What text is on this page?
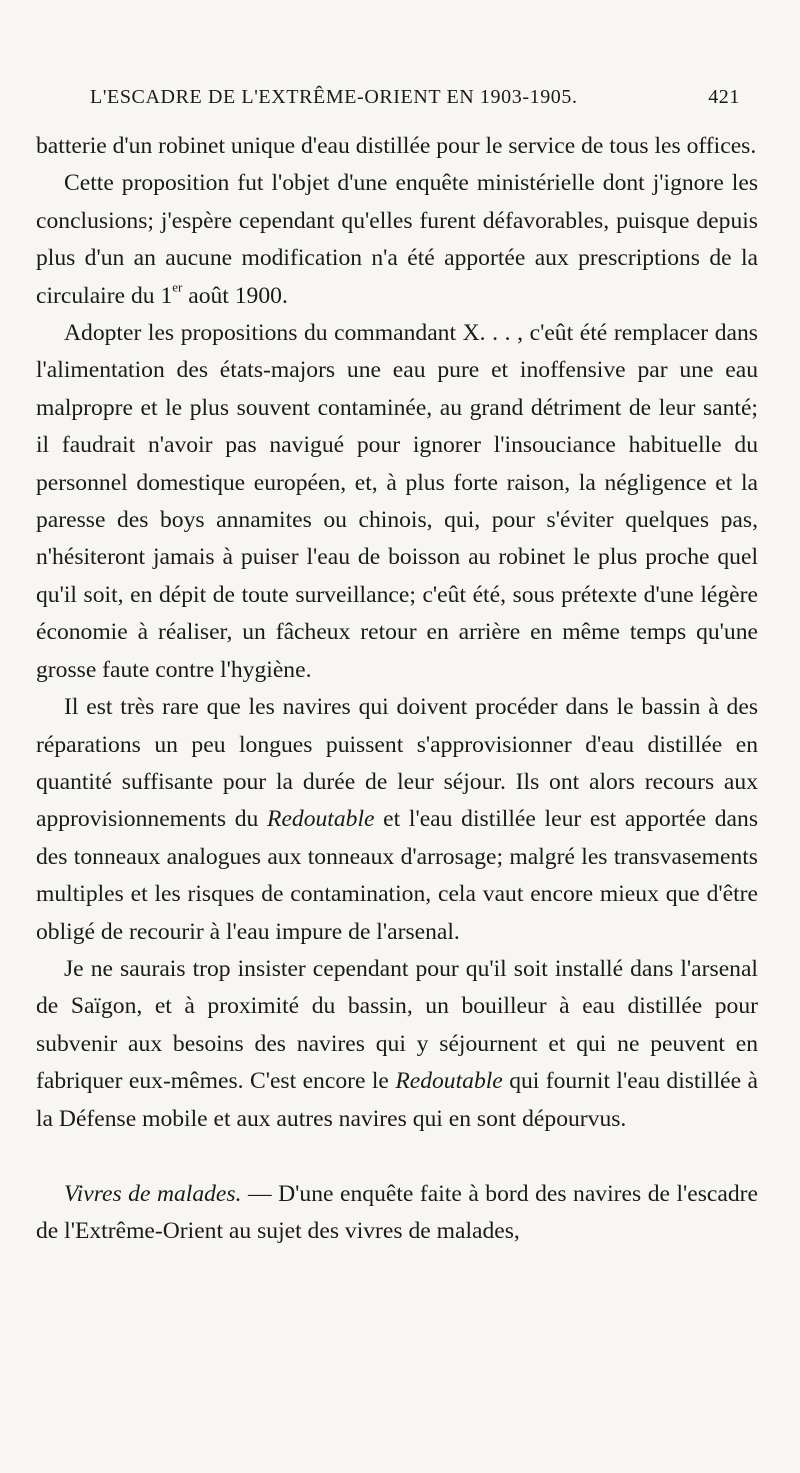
L'ESCADRE DE L'EXTRÊME-ORIENT EN 1903-1905.	421

batterie d'un robinet unique d'eau distillée pour le service de tous les offices.

Cette proposition fut l'objet d'une enquête ministérielle dont j'ignore les conclusions; j'espère cependant qu'elles furent défavorables, puisque depuis plus d'un an aucune modification n'a été apportée aux prescriptions de la circulaire du 1er août 1900.

Adopter les propositions du commandant X. . . , c'eût été remplacer dans l'alimentation des états-majors une eau pure et inoffensive par une eau malpropre et le plus souvent contaminée, au grand détriment de leur santé; il faudrait n'avoir pas navigué pour ignorer l'insouciance habituelle du personnel domestique européen, et, à plus forte raison, la négligence et la paresse des boys annamites ou chinois, qui, pour s'éviter quelques pas, n'hésiteront jamais à puiser l'eau de boisson au robinet le plus proche quel qu'il soit, en dépit de toute surveillance; c'eût été, sous prétexte d'une légère économie à réaliser, un fâcheux retour en arrière en même temps qu'une grosse faute contre l'hygiène.

Il est très rare que les navires qui doivent procéder dans le bassin à des réparations un peu longues puissent s'approvisionner d'eau distillée en quantité suffisante pour la durée de leur séjour. Ils ont alors recours aux approvisionnements du Redoutable et l'eau distillée leur est apportée dans des tonneaux analogues aux tonneaux d'arrosage; malgré les transvasements multiples et les risques de contamination, cela vaut encore mieux que d'être obligé de recourir à l'eau impure de l'arsenal.

Je ne saurais trop insister cependant pour qu'il soit installé dans l'arsenal de Saïgon, et à proximité du bassin, un bouilleur à eau distillée pour subvenir aux besoins des navires qui y séjournent et qui ne peuvent en fabriquer eux-mêmes. C'est encore le Redoutable qui fournit l'eau distillée à la Défense mobile et aux autres navires qui en sont dépourvus.

Vivres de malades. — D'une enquête faite à bord des navires de l'escadre de l'Extrême-Orient au sujet des vivres de malades,
